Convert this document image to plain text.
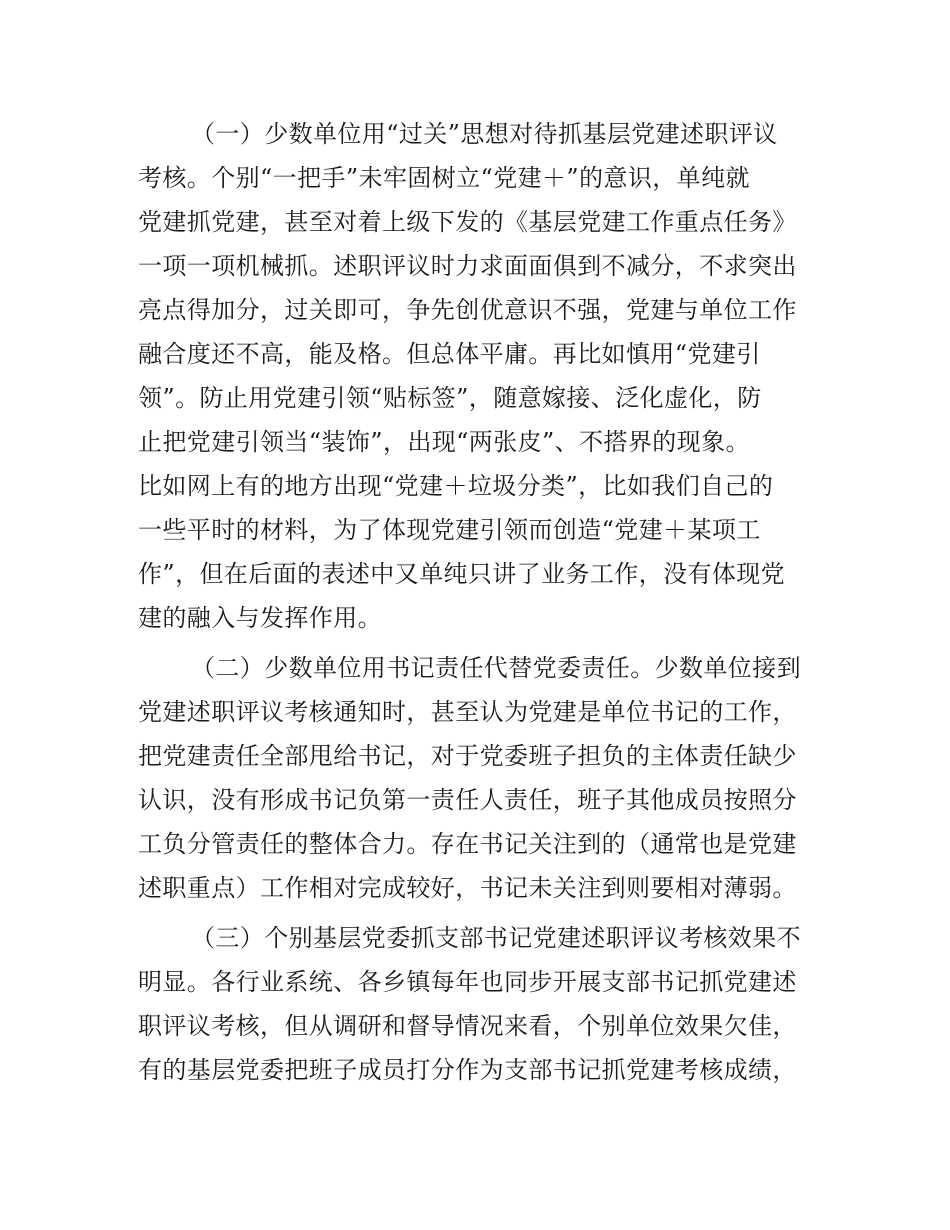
（一）少数单位用“过关”思想对待抓基层党建述职评议
考核。个别“一把手”未牢固树立“党建＋”的意识，单纯就
党建抓党建，甚至对着上级下发的《基层党建工作重点任务》
一项一项机械抓。述职评议时力求面面俱到不减分，不求突出
亮点得加分，过关即可，争先创优意识不强，党建与单位工作
融合度还不高，能及格。但总体平庸。再比如慎用“党建引
领”。防止用党建引领“贴标签”，随意嫁接、泛化虚化，防
止把党建引领当“装饰”，出现“两张皮”、不搭界的现象。
比如网上有的地方出现“党建＋垃圾分类”，比如我们自己的
一些平时的材料，为了体现党建引领而创造“党建＋某项工
作”，但在后面的表述中又单纯只讲了业务工作，没有体现党
建的融入与发挥作用。
（二）少数单位用书记责任代替党委责任。少数单位接到
党建述职评议考核通知时，甚至认为党建是单位书记的工作，
把党建责任全部甩给书记，对于党委班子担负的主体责任缺少
认识，没有形成书记负第一责任人责任，班子其他成员按照分
工负分管责任的整体合力。存在书记关注到的（通常也是党建
述职重点）工作相对完成较好，书记未关注到则要相对薄弱。
（三）个别基层党委抓支部书记党建述职评议考核效果不
明显。各行业系统、各乡镇每年也同步开展支部书记抓党建述
职评议考核，但从调研和督导情况来看，个别单位效果欠佳，
有的基层党委把班子成员打分作为支部书记抓党建考核成绩，
